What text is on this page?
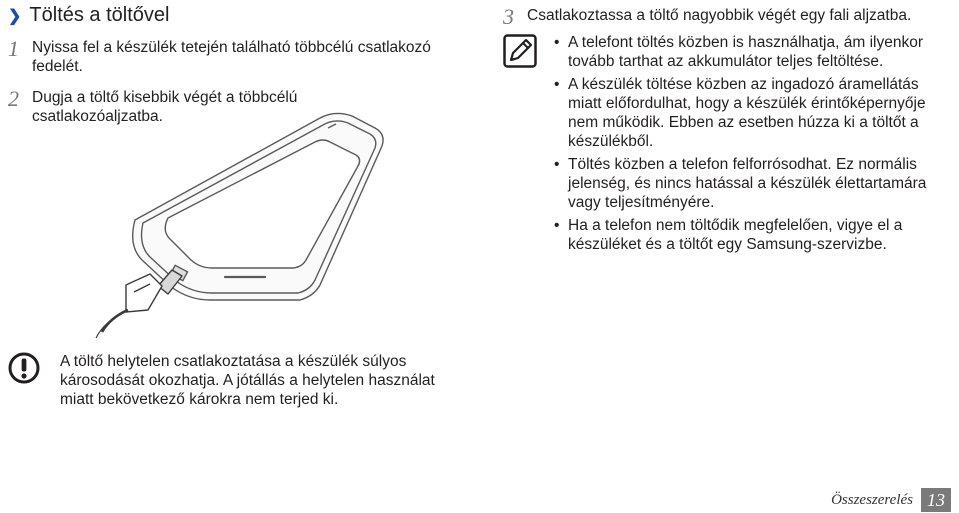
❯ Töltés a töltővel
1 Nyissa fel a készülék tetején található többcélú csatlakozó fedelét.
2 Dugja a töltő kisebbik végét a többcélú csatlakozóaljzatba.
3 Csatlakoztassa a töltő nagyobbik végét egy fali aljzatba.
• A telefont töltés közben is használhatja, ám ilyenkor tovább tarthat az akkumulátor teljes feltöltése.
• A készülék töltése közben az ingadozó áramellátás miatt előfordulhat, hogy a készülék érintőképernyője nem működik. Ebben az esetben húzza ki a töltőt a készülékből.
• Töltés közben a telefon felforrósodhat. Ez normális jelenség, és nincs hatással a készülék élettartamára vagy teljesítményére.
• Ha a telefon nem töltődik megfelelően, vigye el a készüléket és a töltőt egy Samsung-szervizbe.
A töltő helytelen csatlakoztatása a készülék súlyos károsodását okozhatja. A jótállás a helytelen használat miatt bekövetkező károkra nem terjed ki.
Összeszerelés 13
